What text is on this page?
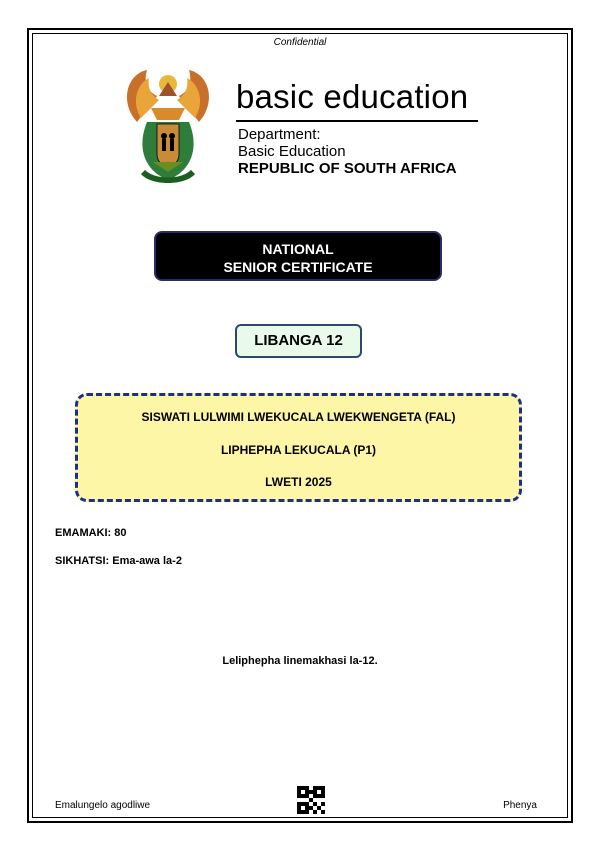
Confidential
basic education
Department:
Basic Education
REPUBLIC OF SOUTH AFRICA
NATIONAL
SENIOR CERTIFICATE
LIBANGA 12
SISWATI LULWIMI LWEKUCALA LWEKWENGETA (FAL)
LIPHEPHA LEKUCALA (P1)
LWETI 2025
EMAMAKI: 80
SIKHATSI: Ema-awa la-2
Leliphepha linemakhasi la-12.
Emalungelo agodliwe	Phenya
